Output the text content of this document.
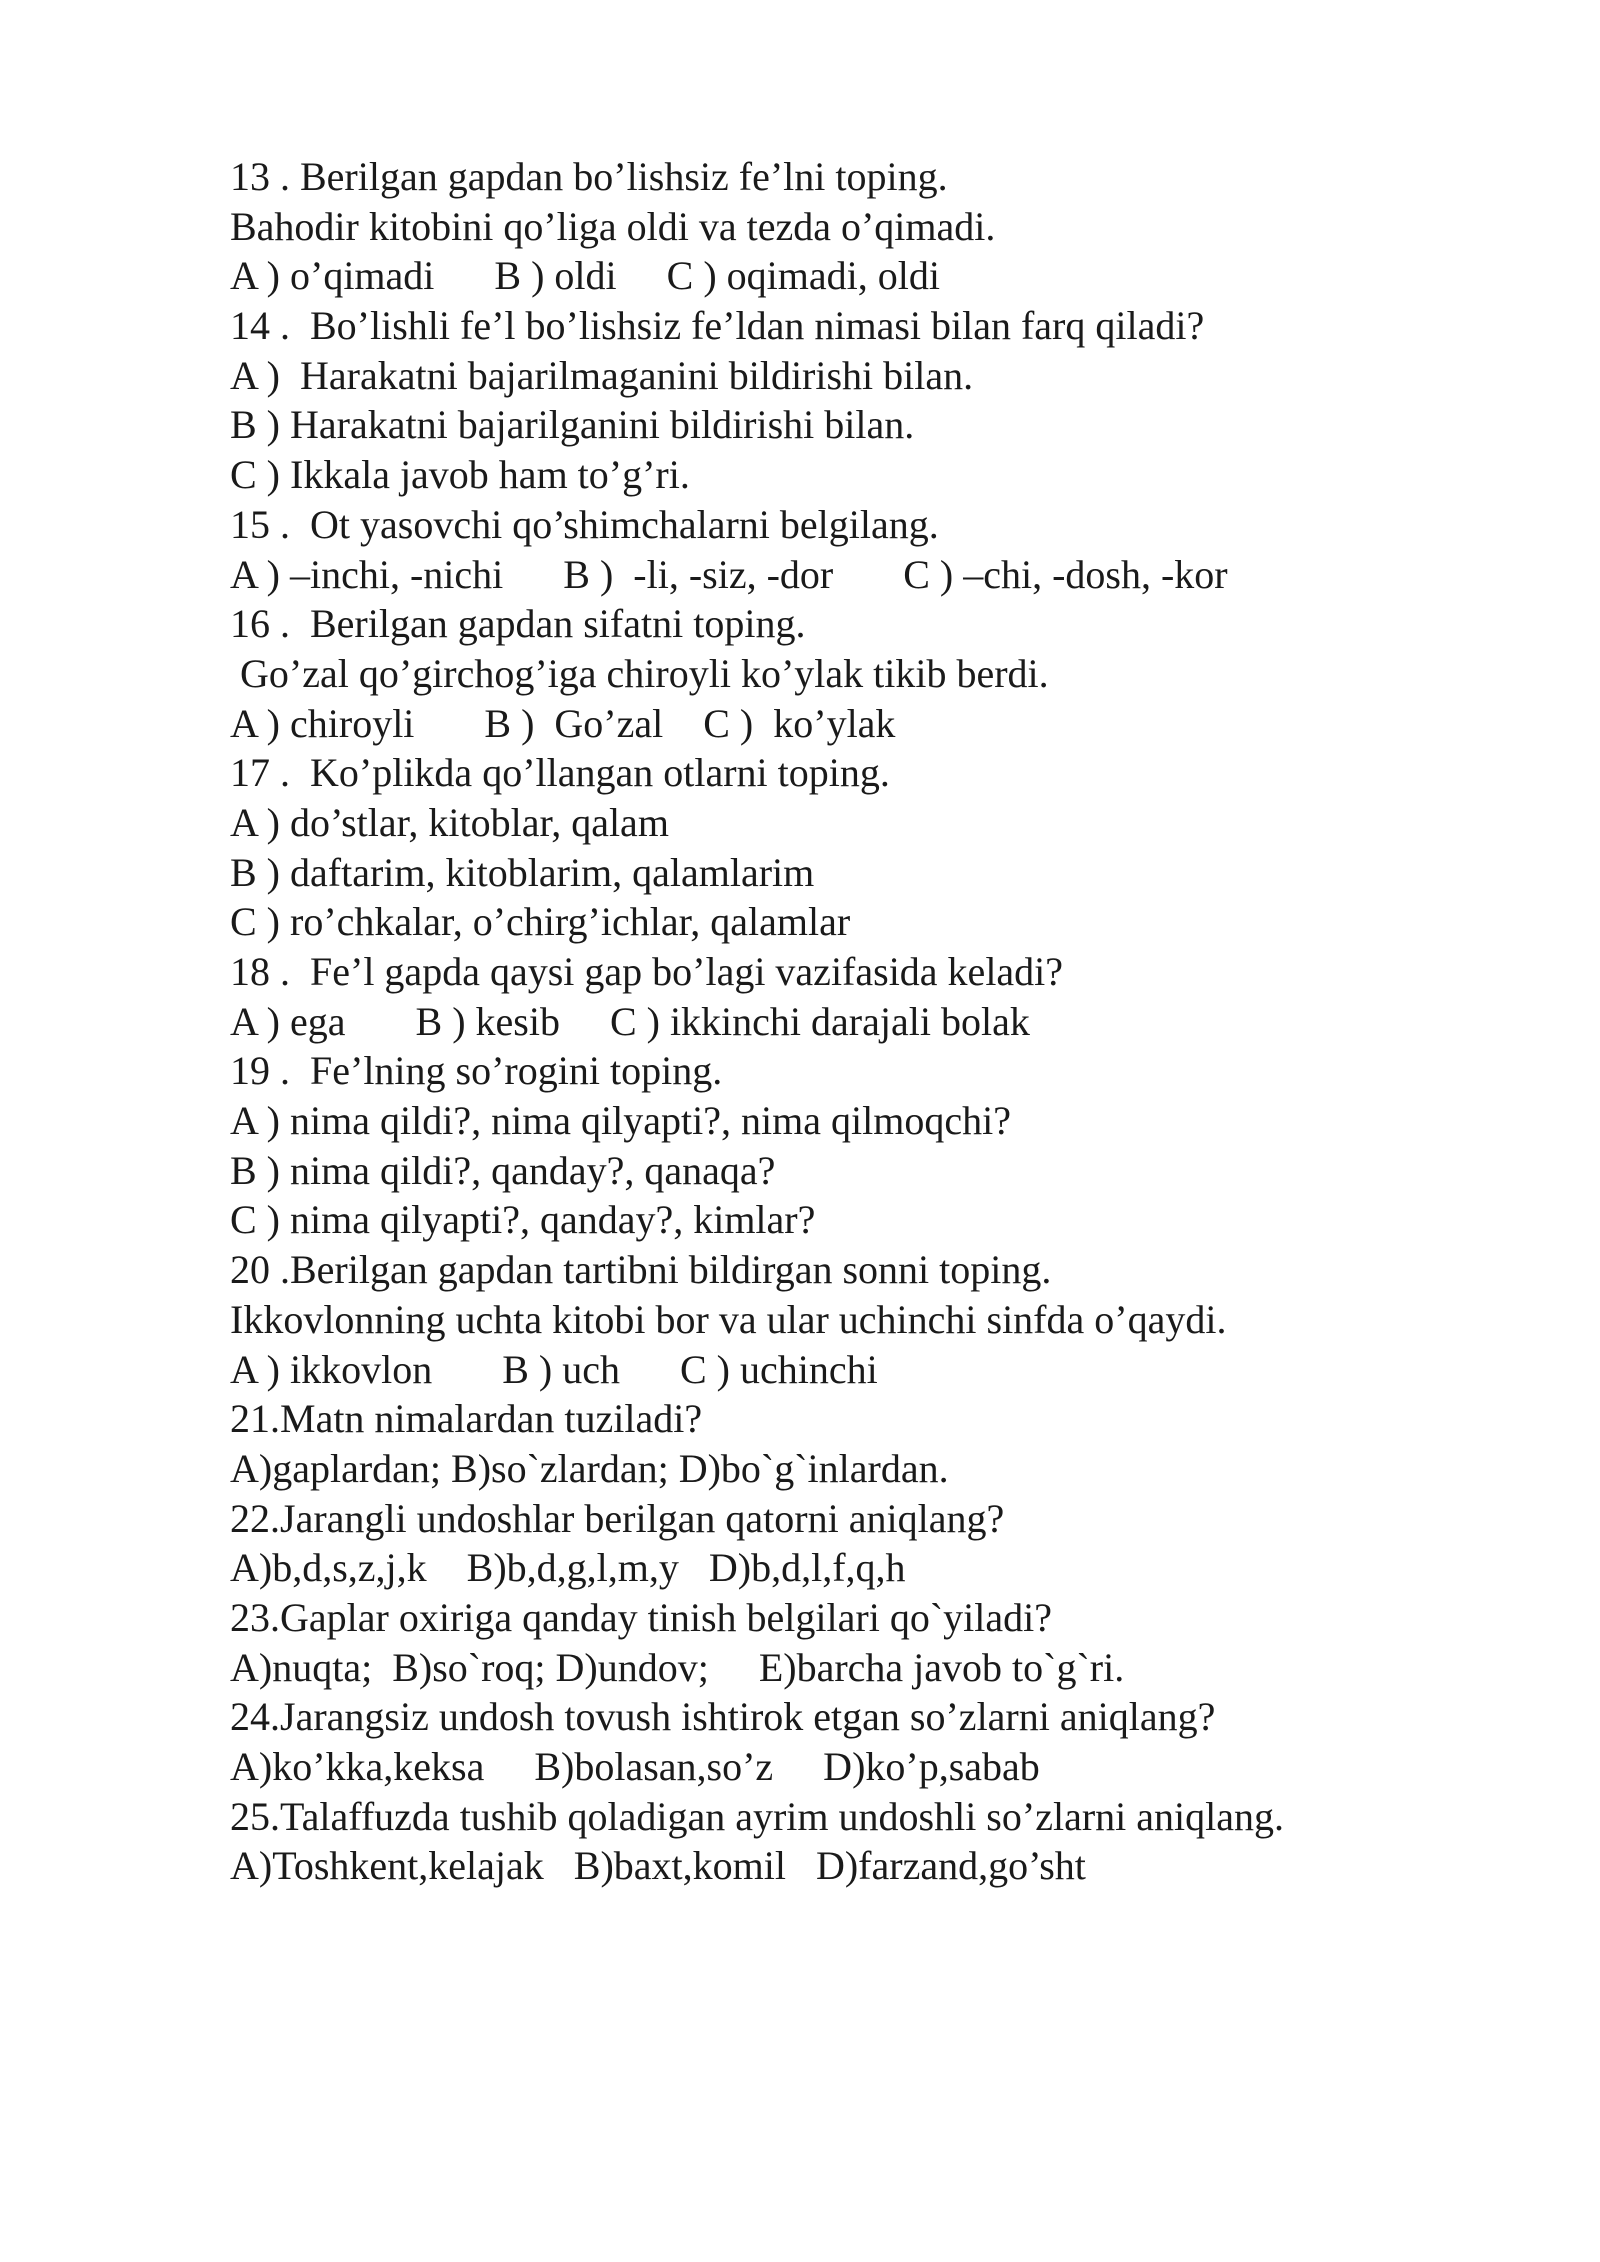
13 . Berilgan gapdan bo’lishsiz fe’lni toping.
Bahodir kitobini qo’liga oldi va tezda o’qimadi.
A ) o’qimadi      B ) oldi     C ) oqimadi, oldi
14 .  Bo’lishli fe’l bo’lishsiz fe’ldan nimasi bilan farq qiladi?
A )  Harakatni bajarilmaganini bildirishi bilan.
B ) Harakatni bajarilganini bildirishi bilan.
C ) Ikkala javob ham to’g’ri.
15 .  Ot yasovchi qo’shimchalarni belgilang.
A ) –inchi, -nichi      B )  -li, -siz, -dor       C ) –chi, -dosh, -kor
16 .  Berilgan gapdan sifatni toping.
Go’zal qo’girchog’iga chiroyli ko’ylak tikib berdi.
A ) chiroyli       B )  Go’zal    C )  ko’ylak
17 .  Ko’plikda qo’llangan otlarni toping.
A ) do’stlar, kitoblar, qalam
B ) daftarim, kitoblarim, qalamlarim
C ) ro’chkalar, o’chirg’ichlar, qalamlar
18 .  Fe’l gapda qaysi gap bo’lagi vazifasida keladi?
A ) ega       B ) kesib     C ) ikkinchi darajali bolak
19 .  Fe’lning so’rogini toping.
A ) nima qildi?, nima qilyapti?, nima qilmoqchi?
B ) nima qildi?, qanday?, qanaqa?
C ) nima qilyapti?, qanday?, kimlar?
20 .Berilgan gapdan tartibni bildirgan sonni toping.
Ikkovlonning uchta kitobi bor va ular uchinchi sinfda o’qaydi.
A ) ikkovlon       B ) uch      C ) uchinchi
21.Matn nimalardan tuziladi?
A)gaplardan; B)so`zlardan; D)bo`g`inlardan.
22.Jarangli undoshlar berilgan qatorni aniqlang?
A)b,d,s,z,j,k    B)b,d,g,l,m,y   D)b,d,l,f,q,h
23.Gaplar oxiriga qanday tinish belgilari qo`yiladi?
A)nuqta;  B)so`roq; D)undov;     E)barcha javob to`g`ri.
24.Jarangsiz undosh tovush ishtirok etgan so’zlarni aniqlang?
A)ko’kka,keksa     B)bolasan,so’z     D)ko’p,sabab
25.Talaffuzda tushib qoladigan ayrim undoshli so’zlarni aniqlang.
A)Toshkent,kelajak   B)baxt,komil   D)farzand,go’sht
